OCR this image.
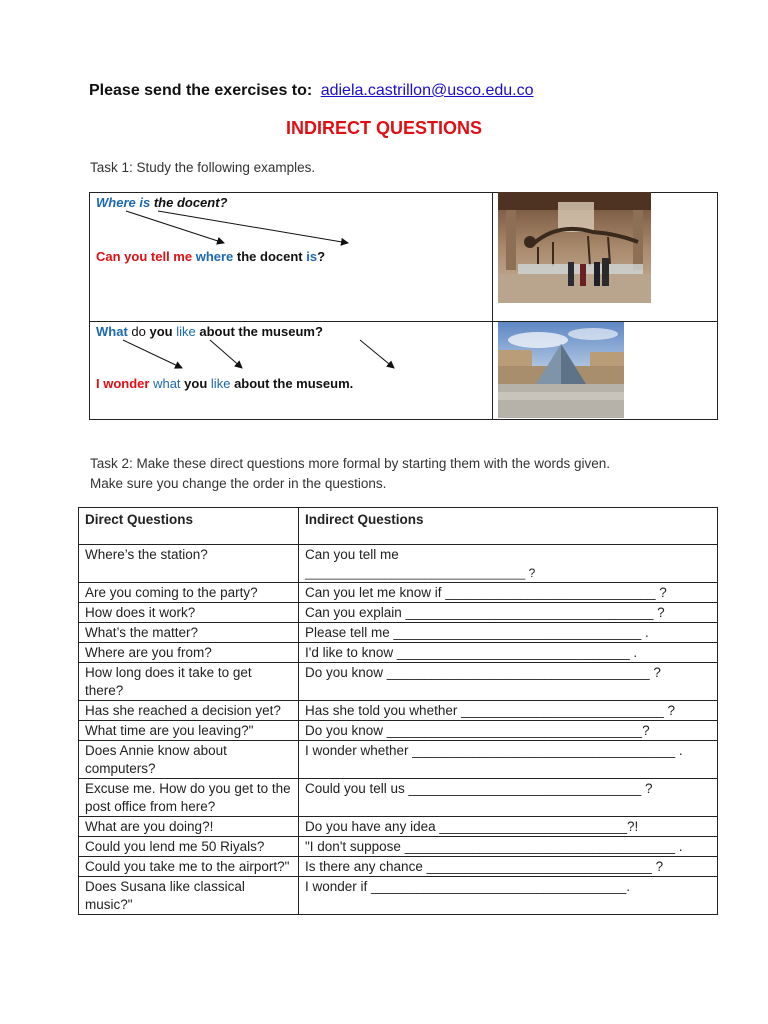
Please send the exercises to: adiela.castrillon@usco.edu.co
INDIRECT QUESTIONS
Task 1: Study the following examples.
Where is the docent?
Can you tell me where the docent is?
What do you like about the museum?
I wonder what you like about the museum.
Task 2: Make these direct questions more formal by starting them with the words given.
Make sure you change the order in the questions.
Direct Questions	Indirect Questions
Where’s the station?	Can you tell me
_________________________________ ?

Are you coming to the party?	Can you let me know if ____________________________ ?
How does it work?	Can you explain _________________________________ ?
What’s the matter?	Please tell me _________________________________ .
Where are you from?	I'd like to know _______________________________ .
How long does it take to get there?	Do you know ___________________________________ ?
Has she reached a decision yet?	Has she told you whether ___________________________ ?
What time are you leaving?"	Do you know __________________________________?
Does Annie know about computers?	I wonder whether ___________________________________ .
Excuse me. How do you get to the post office from here?	Could you tell us _______________________________ ?
What are you doing?!	Do you have any idea _________________________?!
Could you lend me 50 Riyals?	"I don't suppose ____________________________________ .
Could you take me to the airport?"	Is there any chance ______________________________ ?
Does Susana like classical music?"	I wonder if __________________________________.
